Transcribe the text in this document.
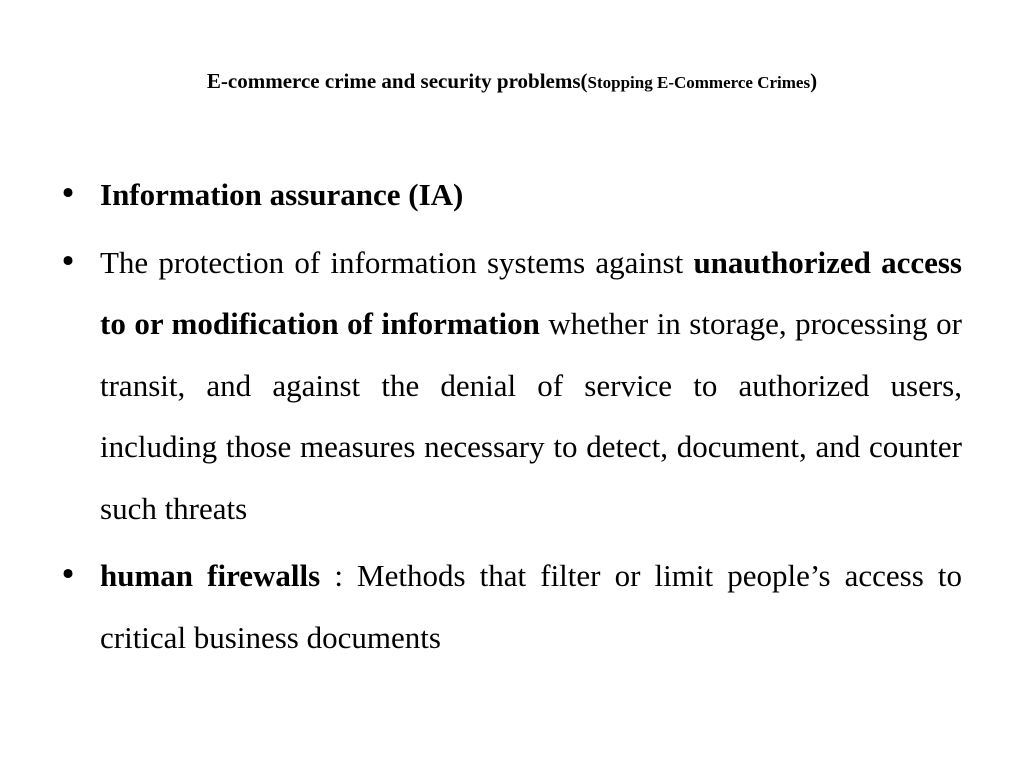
E-commerce crime and security problems(Stopping E-Commerce Crimes)
• Information assurance (IA)
• The protection of information systems against unauthorized access to or modification of information whether in storage, processing or transit, and against the denial of service to authorized users, including those measures necessary to detect, document, and counter such threats
• human firewalls : Methods that filter or limit people’s access to critical business documents
